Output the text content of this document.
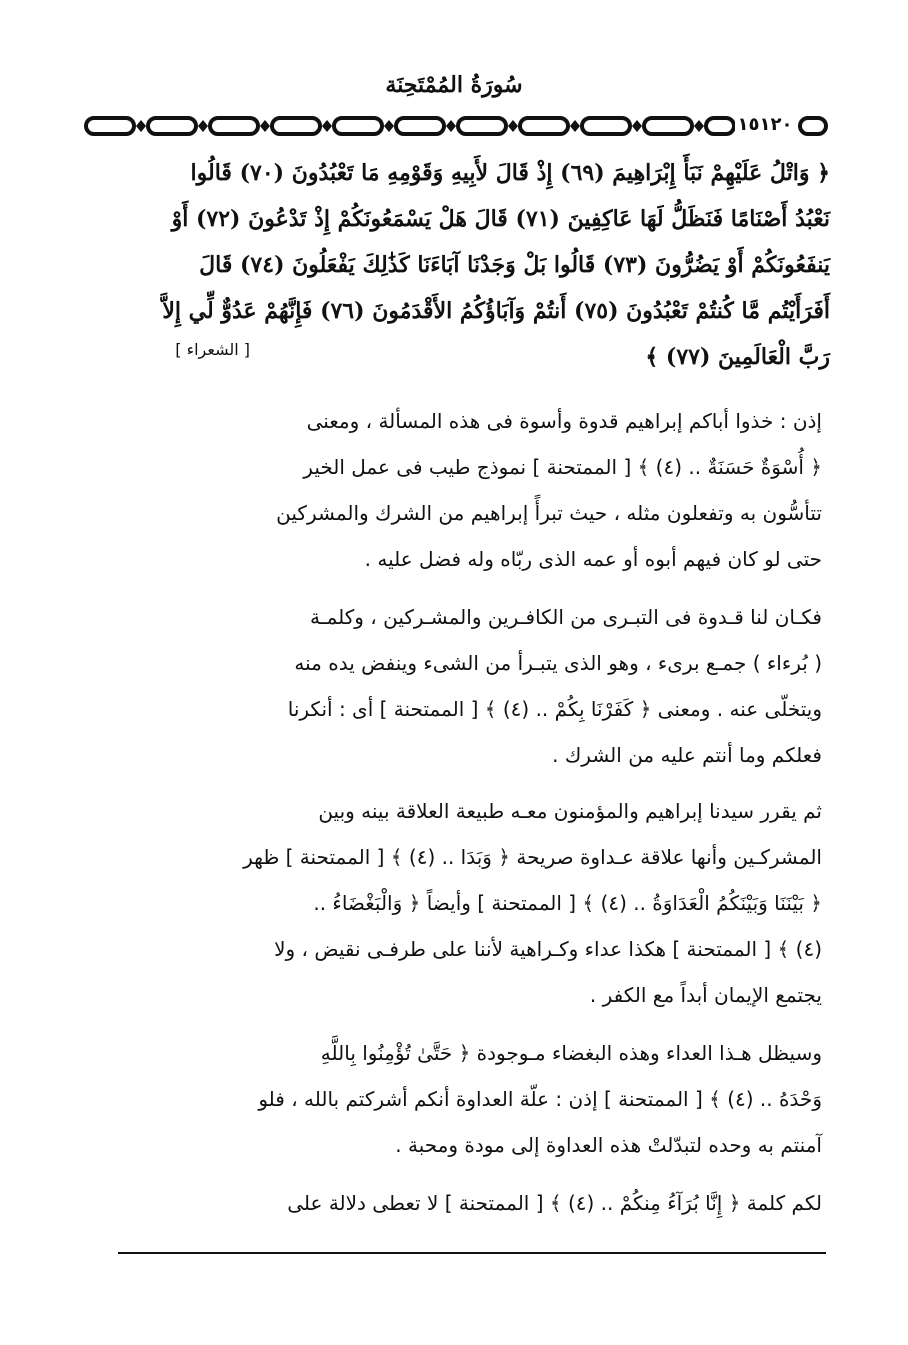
سُورَةُ المُمْتَحِنَة
١٥١٢٠
﴿ وَاتْلُ عَلَيْهِمْ نَبَأَ إِبْرَاهِيمَ (٦٩) إِذْ قَالَ لأَبِيهِ وَقَوْمِهِ مَا تَعْبُدُونَ (٧٠) قَالُوا
نَعْبُدُ أَصْنَامًا فَنَظَلُّ لَهَا عَاكِفِينَ (٧١) قَالَ هَلْ يَسْمَعُونَكُمْ إِذْ تَدْعُونَ (٧٢) أَوْ
يَنفَعُونَكُمْ أَوْ يَضُرُّونَ (٧٣) قَالُوا بَلْ وَجَدْنَا آبَاءَنَا كَذَٰلِكَ يَفْعَلُونَ (٧٤) قَالَ
أَفَرَأَيْتُم مَّا كُنتُمْ تَعْبُدُونَ (٧٥) أَنتُمْ وَآبَاؤُكُمُ الأَقْدَمُونَ (٧٦) فَإِنَّهُمْ عَدُوٌّ لِّي إِلاَّ
رَبَّ الْعَالَمِينَ (٧٧) ﴾
[ الشعراء ]
إذن : خذوا أباكم إبراهيم قدوة وأسوة فى هذه المسألة ، ومعنى
﴿ أُسْوَةٌ حَسَنَةٌ .. (٤) ﴾ [ الممتحنة ] نموذج طيب فى عمل الخير
تتأسُّون به وتفعلون مثله ، حيث تبرأً إبراهيم من الشرك والمشركين
حتى لو كان فيهم أبوه أو عمه الذى ربّاه وله فضل عليه .
فكـان لنا قـدوة فى التبـرى من الكافـرين والمشـركين ، وكلمـة
( بُرءاء ) جمـع برىء ، وهو الذى يتبـرأ من الشىء وينفض يده منه
ويتخلّى عنه . ومعنى ﴿ كَفَرْنَا بِكُمْ .. (٤) ﴾ [ الممتحنة ] أى : أنكرنا
فعلكم وما أنتم عليه من الشرك .
ثم يقرر سيدنا إبراهيم والمؤمنون معـه طبيعة العلاقة بينه وبين
المشركـين وأنها علاقة عـداوة صريحة ﴿ وَبَدَا .. (٤) ﴾ [ الممتحنة ] ظهر
﴿ بَيْنَنَا وَبَيْنَكُمُ الْعَدَاوَةُ .. (٤) ﴾ [ الممتحنة ] وأيضاً ﴿ وَالْبَغْضَاءُ ..
(٤) ﴾ [ الممتحنة ] هكذا عداء وكـراهية لأننا على طرفـى نقيض ، ولا
يجتمع الإيمان أبداً مع الكفر .
وسيظل هـذا العداء وهذه البغضاء مـوجودة ﴿ حَتَّىٰ تُؤْمِنُوا بِاللَّهِ
وَحْدَهُ .. (٤) ﴾ [ الممتحنة ] إذن : علّة العداوة أنكم أشركتم بالله ، فلو
آمنتم به وحده لتبدّلتْ هذه العداوة إلى مودة ومحبة .
لكم كلمة ﴿ إِنَّا بُرَآءُ مِنكُمْ .. (٤) ﴾ [ الممتحنة ] لا تعطى دلالة على
